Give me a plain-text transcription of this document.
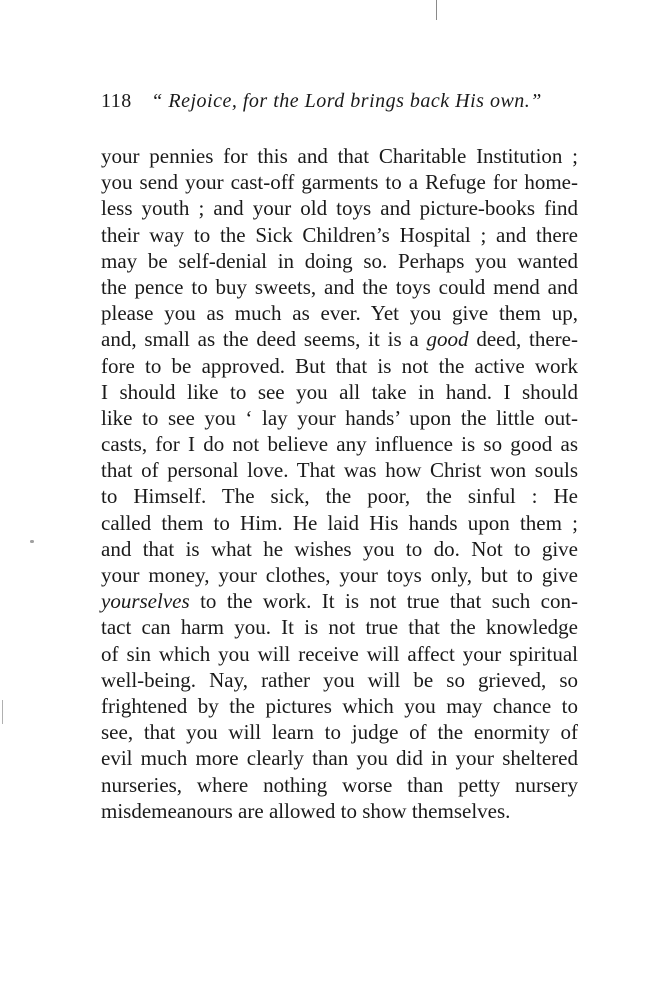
118 “ Rejoice, for the Lord brings back His own.”
your pennies for this and that Charitable Institution ;
you send your cast-off garments to a Refuge for home-
less youth ; and your old toys and picture-books find
their way to the Sick Children’s Hospital ; and there
may be self-denial in doing so. Perhaps you wanted
the pence to buy sweets, and the toys could mend and
please you as much as ever. Yet you give them up,
and, small as the deed seems, it is a good deed, there-
fore to be approved. But that is not the active work
I should like to see you all take in hand. I should
like to see you ‘ lay your hands’ upon the little out-
casts, for I do not believe any influence is so good as
that of personal love. That was how Christ won souls
to Himself. The sick, the poor, the sinful : He
called them to Him. He laid His hands upon them ;
and that is what he wishes you to do. Not to give
your money, your clothes, your toys only, but to give
yourselves to the work. It is not true that such con-
tact can harm you. It is not true that the knowledge
of sin which you will receive will affect your spiritual
well-being. Nay, rather you will be so grieved, so
frightened by the pictures which you may chance to
see, that you will learn to judge of the enormity of
evil much more clearly than you did in your sheltered
nurseries, where nothing worse than petty nursery
misdemeanours are allowed to show themselves.
